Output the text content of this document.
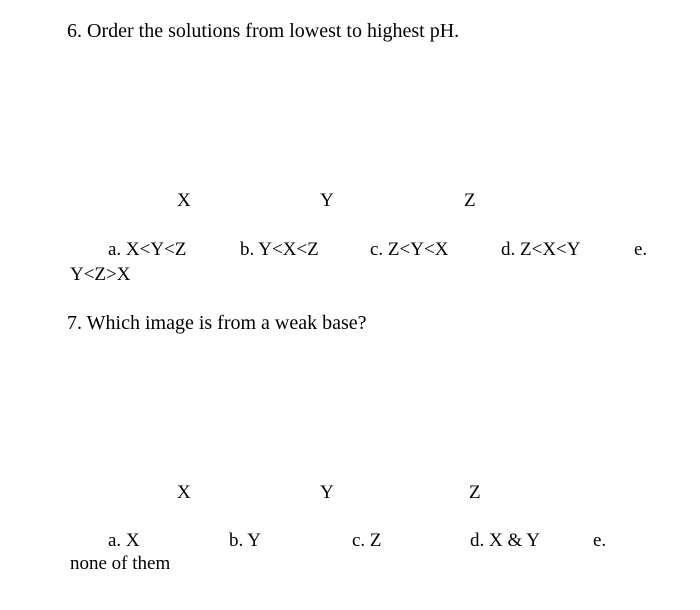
6. Order the solutions from lowest to highest pH.
X	Y	Z
a. X<Y<Z	b. Y<X<Z	c. Z<Y<X	d. Z<X<Y	e.
Y<Z>X
7. Which image is from a weak base?
X	Y	Z
a. X	b. Y	c. Z	d. X & Y	e.
none of them
